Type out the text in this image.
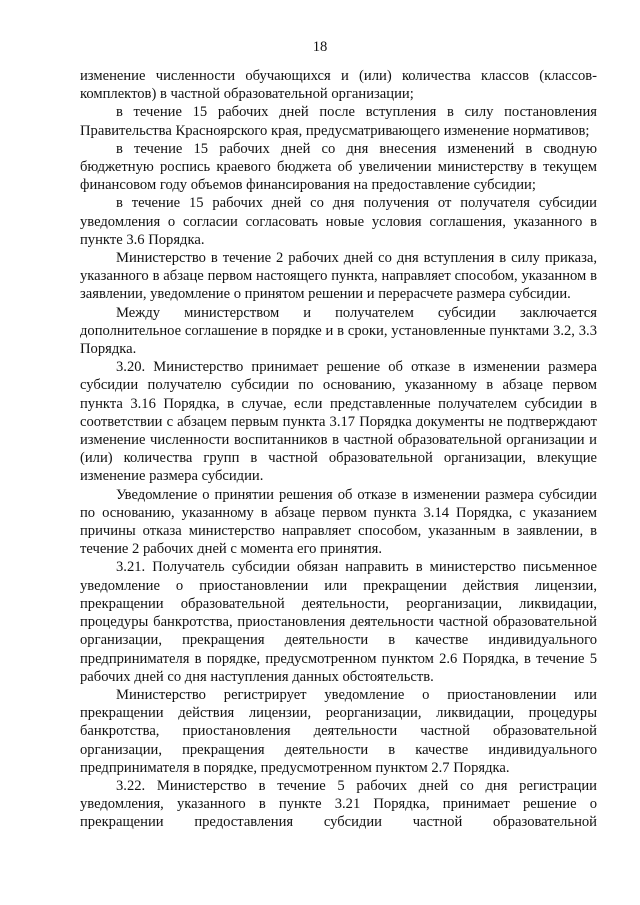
18

изменение численности обучающихся и (или) количества классов (классов-комплектов) в частной образовательной организации;

в течение 15 рабочих дней после вступления в силу постановления Правительства Красноярского края, предусматривающего изменение нормативов;

в течение 15 рабочих дней со дня внесения изменений в сводную бюджетную роспись краевого бюджета об увеличении министерству в текущем финансовом году объемов финансирования на предоставление субсидии;

в течение 15 рабочих дней со дня получения от получателя субсидии уведомления о согласии согласовать новые условия соглашения, указанного в пункте 3.6 Порядка.

Министерство в течение 2 рабочих дней со дня вступления в силу приказа, указанного в абзаце первом настоящего пункта, направляет способом, указанном в заявлении, уведомление о принятом решении и перерасчете размера субсидии.

Между министерством и получателем субсидии заключается дополнительное соглашение в порядке и в сроки, установленные пунктами 3.2, 3.3 Порядка.

3.20. Министерство принимает решение об отказе в изменении размера субсидии получателю субсидии по основанию, указанному в абзаце первом пункта 3.16 Порядка, в случае, если представленные получателем субсидии в соответствии с абзацем первым пункта 3.17 Порядка документы не подтверждают изменение численности воспитанников в частной образовательной организации и (или) количества групп в частной образовательной организации, влекущие изменение размера субсидии.

Уведомление о принятии решения об отказе в изменении размера субсидии по основанию, указанному в абзаце первом пункта 3.14 Порядка, с указанием причины отказа министерство направляет способом, указанным в заявлении, в течение 2 рабочих дней с момента его принятия.

3.21. Получатель субсидии обязан направить в министерство письменное уведомление о приостановлении или прекращении действия лицензии, прекращении образовательной деятельности, реорганизации, ликвидации, процедуры банкротства, приостановления деятельности частной образовательной организации, прекращения деятельности в качестве индивидуального предпринимателя в порядке, предусмотренном пунктом 2.6 Порядка, в течение 5 рабочих дней со дня наступления данных обстоятельств.

Министерство регистрирует уведомление о приостановлении или прекращении действия лицензии, реорганизации, ликвидации, процедуры банкротства, приостановления деятельности частной образовательной организации, прекращения деятельности в качестве индивидуального предпринимателя в порядке, предусмотренном пунктом 2.7 Порядка.

3.22. Министерство в течение 5 рабочих дней со дня регистрации уведомления, указанного в пункте 3.21 Порядка, принимает решение о прекращении предоставления субсидии частной образовательной
